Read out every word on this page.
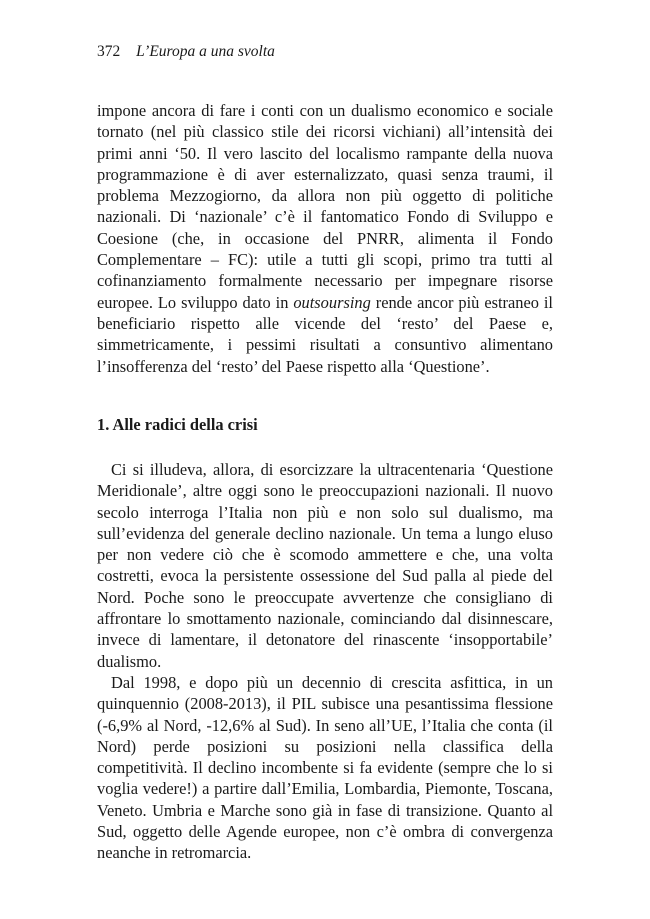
372 L’Europa a una svolta

impone ancora di fare i conti con un dualismo economico e sociale tornato (nel più classico stile dei ricorsi vichiani) all’intensità dei primi anni ‘50. Il vero lascito del localismo rampante della nuova programmazione è di aver esternalizzato, quasi senza traumi, il problema Mezzogiorno, da allora non più oggetto di politiche nazionali. Di ‘nazionale’ c’è il fantomatico Fondo di Sviluppo e Coesione (che, in occasione del PNRR, alimenta il Fondo Complementare – FC): utile a tutti gli scopi, primo tra tutti al cofinanziamento formalmente necessario per impegnare risorse europee. Lo sviluppo dato in outsoursing rende ancor più estraneo il beneficiario rispetto alle vicende del ‘resto’ del Paese e, simmetricamente, i pessimi risultati a consuntivo alimentano l’insofferenza del ‘resto’ del Paese rispetto alla ‘Questione’.

1. Alle radici della crisi

Ci si illudeva, allora, di esorcizzare la ultracentenaria ‘Questione Meridionale’, altre oggi sono le preoccupazioni nazionali. Il nuovo secolo interroga l’Italia non più e non solo sul dualismo, ma sull’evidenza del generale declino nazionale. Un tema a lungo eluso per non vedere ciò che è scomodo ammettere e che, una volta costretti, evoca la persistente ossessione del Sud palla al piede del Nord. Poche sono le preoccupate avvertenze che consigliano di affrontare lo smottamento nazionale, cominciando dal disinnescare, invece di lamentare, il detonatore del rinascente ‘insopportabile’ dualismo.

Dal 1998, e dopo più un decennio di crescita asfittica, in un quinquennio (2008-2013), il PIL subisce una pesantissima flessione (-6,9% al Nord, -12,6% al Sud). In seno all’UE, l’Italia che conta (il Nord) perde posizioni su posizioni nella classifica della competitività. Il declino incombente si fa evidente (sempre che lo si voglia vedere!) a partire dall’Emilia, Lombardia, Piemonte, Toscana, Veneto. Umbria e Marche sono già in fase di transizione. Quanto al Sud, oggetto delle Agende europee, non c’è ombra di convergenza neanche in retromarcia.
